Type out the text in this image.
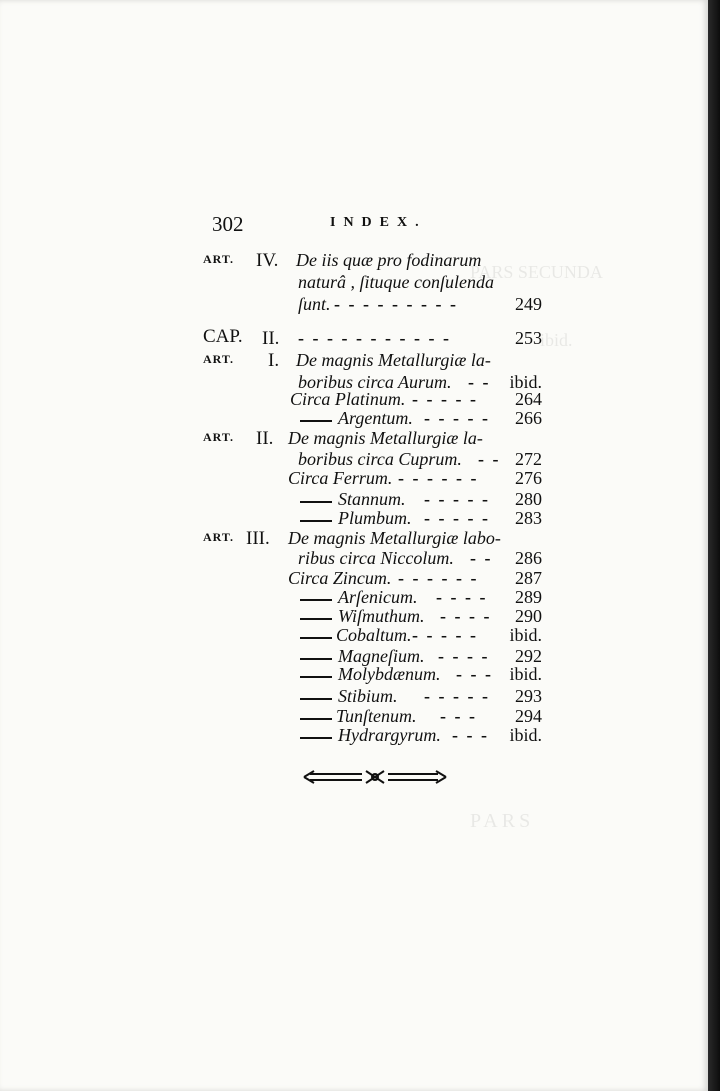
PARS SECUNDA
ibid.
PARS
302	INDEX.
ART. IV. De iis quæ pro fodinarum
naturâ , ſituque conſulenda
ſunt. - - - - - - - - -	249
CAP. II. - - - - - - - - - - -	253
ART. I. De magnis Metallurgiæ la-
boribus circa Aurum. - - ibid.
Circa Platinum. - - - - - 264
Argentum. - - - - - 266
ART. II. De magnis Metallurgiæ la-
boribus circa Cuprum. - - 272
Circa Ferrum. - - - - - - 276
Stannum. - - - - - 280
Plumbum. - - - - - 283
ART. III. De magnis Metallurgiæ labo-
ribus circa Niccolum. - - 286
Circa Zincum. - - - - - - 287
Arſenicum. - - - - 289
Wiſmuthum. - - - - 290
Cobaltum. - - - - - ibid.
Magneſium. - - - - 292
Molybdænum. - - - ibid.
Stibium. - - - - - 293
Tunſtenum. - - - 294
Hydrargyrum. - - - ibid.
